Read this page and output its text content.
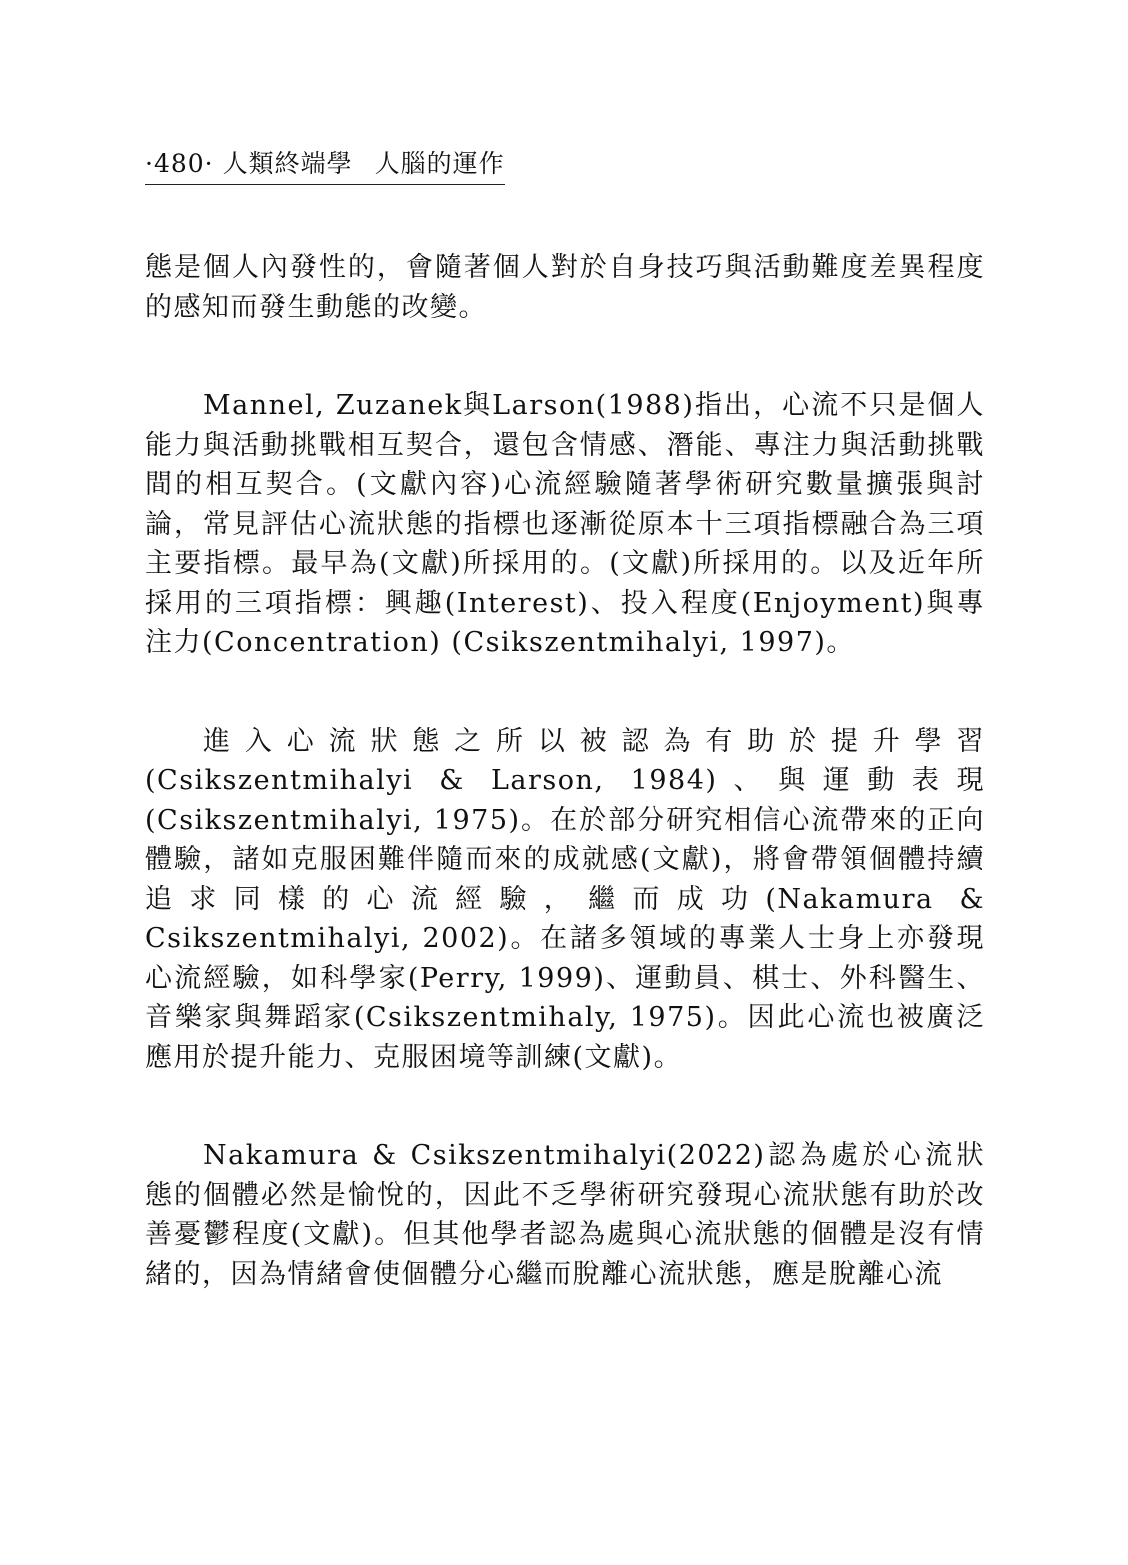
·480· 人類終端學 人腦的運作

態是個人內發性的，會隨著個人對於自身技巧與活動難度差異程度的感知而發生動態的改變。

Mannel, Zuzanek與Larson(1988)指出，心流不只是個人能力與活動挑戰相互契合，還包含情感、潛能、專注力與活動挑戰間的相互契合。(文獻內容)心流經驗隨著學術研究數量擴張與討論，常見評估心流狀態的指標也逐漸從原本十三項指標融合為三項主要指標。最早為(文獻)所採用的。(文獻)所採用的。以及近年所採用的三項指標：興趣(Interest)、投入程度(Enjoyment)與專注力(Concentration) (Csikszentmihalyi, 1997)。

進入心流狀態之所以被認為有助於提升學習(Csikszentmihalyi & Larson, 1984)、與運動表現(Csikszentmihalyi, 1975)。在於部分研究相信心流帶來的正向體驗，諸如克服困難伴隨而來的成就感(文獻)，將會帶領個體持續追求同樣的心流經驗，繼而成功(Nakamura & Csikszentmihalyi, 2002)。在諸多領域的專業人士身上亦發現心流經驗，如科學家(Perry, 1999)、運動員、棋士、外科醫生、音樂家與舞蹈家(Csikszentmihaly, 1975)。因此心流也被廣泛應用於提升能力、克服困境等訓練(文獻)。

Nakamura & Csikszentmihalyi(2022)認為處於心流狀態的個體必然是愉悅的，因此不乏學術研究發現心流狀態有助於改善憂鬱程度(文獻)。但其他學者認為處與心流狀態的個體是沒有情緒的，因為情緒會使個體分心繼而脫離心流狀態，應是脫離心流
